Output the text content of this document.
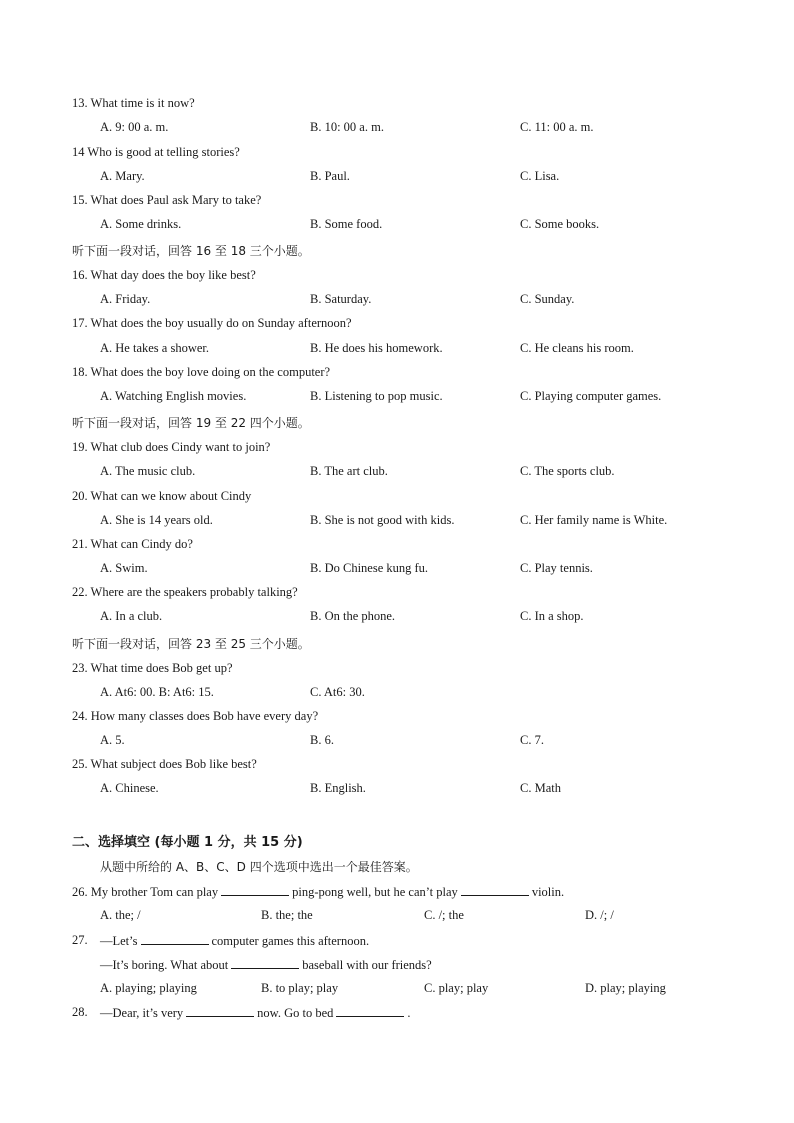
13. What time is it now?
A. 9: 00 a. m.	B. 10: 00 a. m.	C. 11: 00 a. m.
14 Who is good at telling stories?
A. Mary.	B. Paul.	C. Lisa.
15. What does Paul ask Mary to take?
A. Some drinks.	B. Some food.	C. Some books.
听下面一段对话，回答 16 至 18 三个小题。
16. What day does the boy like best?
A. Friday.	B. Saturday.	C. Sunday.
17. What does the boy usually do on Sunday afternoon?
A. He takes a shower.	B. He does his homework.	C. He cleans his room.
18. What does the boy love doing on the computer?
A. Watching English movies.	B. Listening to pop music.	C. Playing computer games.
听下面一段对话，回答 19 至 22 四个小题。
19. What club does Cindy want to join?
A. The music club.	B. The art club.	C. The sports club.
20. What can we know about Cindy
A. She is 14 years old.	B. She is not good with kids.	C. Her family name is White.
21. What can Cindy do?
A. Swim.	B. Do Chinese kung fu.	C. Play tennis.
22. Where are the speakers probably talking?
A. In a club.	B. On the phone.	C. In a shop.
听下面一段对话，回答 23 至 25 三个小题。
23. What time does Bob get up?
A. At6: 00. B: At6: 15.	C. At6: 30.
24. How many classes does Bob have every day?
A. 5.	B. 6.	C. 7.
25. What subject does Bob like best?
A. Chinese.	B. English.	C. Math
二、选择填空 (每小题 1 分，共 15 分)
从题中所给的 A、B、C、D 四个选项中选出一个最佳答案。
26. My brother Tom can play	ping-pong well, but he can’t play	violin.
A. the; /	B. the; the	C. /; the	D. /; /
27. —Let’s	computer games this afternoon.
—It’s boring. What about	baseball with our friends?
A. playing; playing	B. to play; play	C. play; play	D. play; playing
28. —Dear, it’s very	now. Go to bed	.
